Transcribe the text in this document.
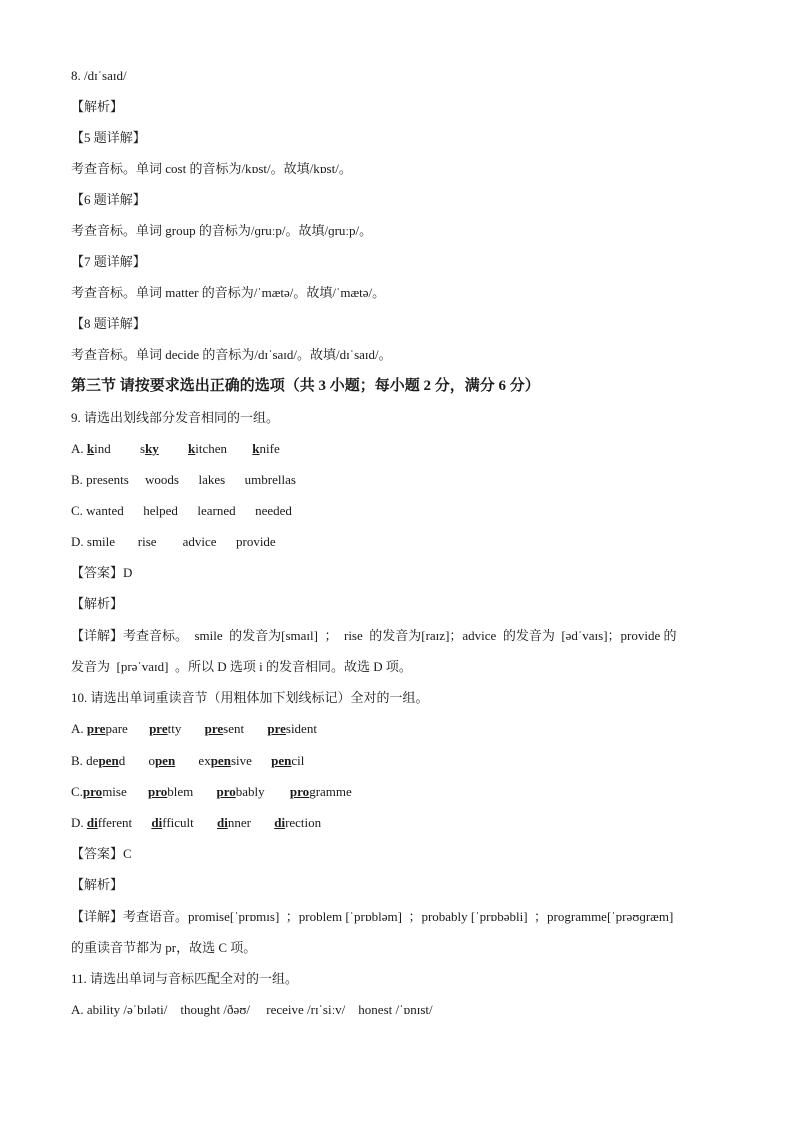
8. /dɪˈsaɪd/
【解析】
【5 题详解】
考查音标。单词 cost 的音标为/kɒst/。故填/kɒst/。
【6 题详解】
考查音标。单词 group 的音标为/ɡruːp/。故填/ɡruːp/。
【7 题详解】
考查音标。单词 matter 的音标为/ˈmætə/。故填/ˈmætə/。
【8 题详解】
考查音标。单词 decide 的音标为/dɪˈsaɪd/。故填/dɪˈsaɪd/。
第三节 请按要求选出正确的选项（共 3 小题；每小题 2 分，满分 6 分）
9. 请选出划线部分发音相同的一组。
A. kind sky kitchen knife
B. presents     woods      lakes      umbrellas
C. wanted      helped      learned      needed
D. smile       rise        advice      provide
【答案】D
【解析】
【详解】考查音标。  smile  的发音为[smaɪl]  ；  rise  的发音为[raɪz]；advice  的发音为  [ədˈvaɪs]；provide 的
发音为  [prəˈvaɪd]  。所以 D 选项 i 的发音相同。故选 D 项。
10. 请选出单词重读音节（用粗体加下划线标记）全对的一组。
A. prepare pretty present president
B. depend open expensive pencil
C.promise problem probably programme
D. different difficult dinner direction
【答案】C
【解析】
【详解】考查语音。promise[ˈprɒmɪs]  ；problem [ˈprɒbləm]  ；probably [ˈprɒbəbli]  ；programme[ˈprəʊɡræm]
的重读音节都为 pr，故选 C 项。
11. 请选出单词与音标匹配全对的一组。
A. ability /əˈbɪləti/    thought /ðəʊ/     receive /rɪˈsiːv/    honest /ˈɒnɪst/
